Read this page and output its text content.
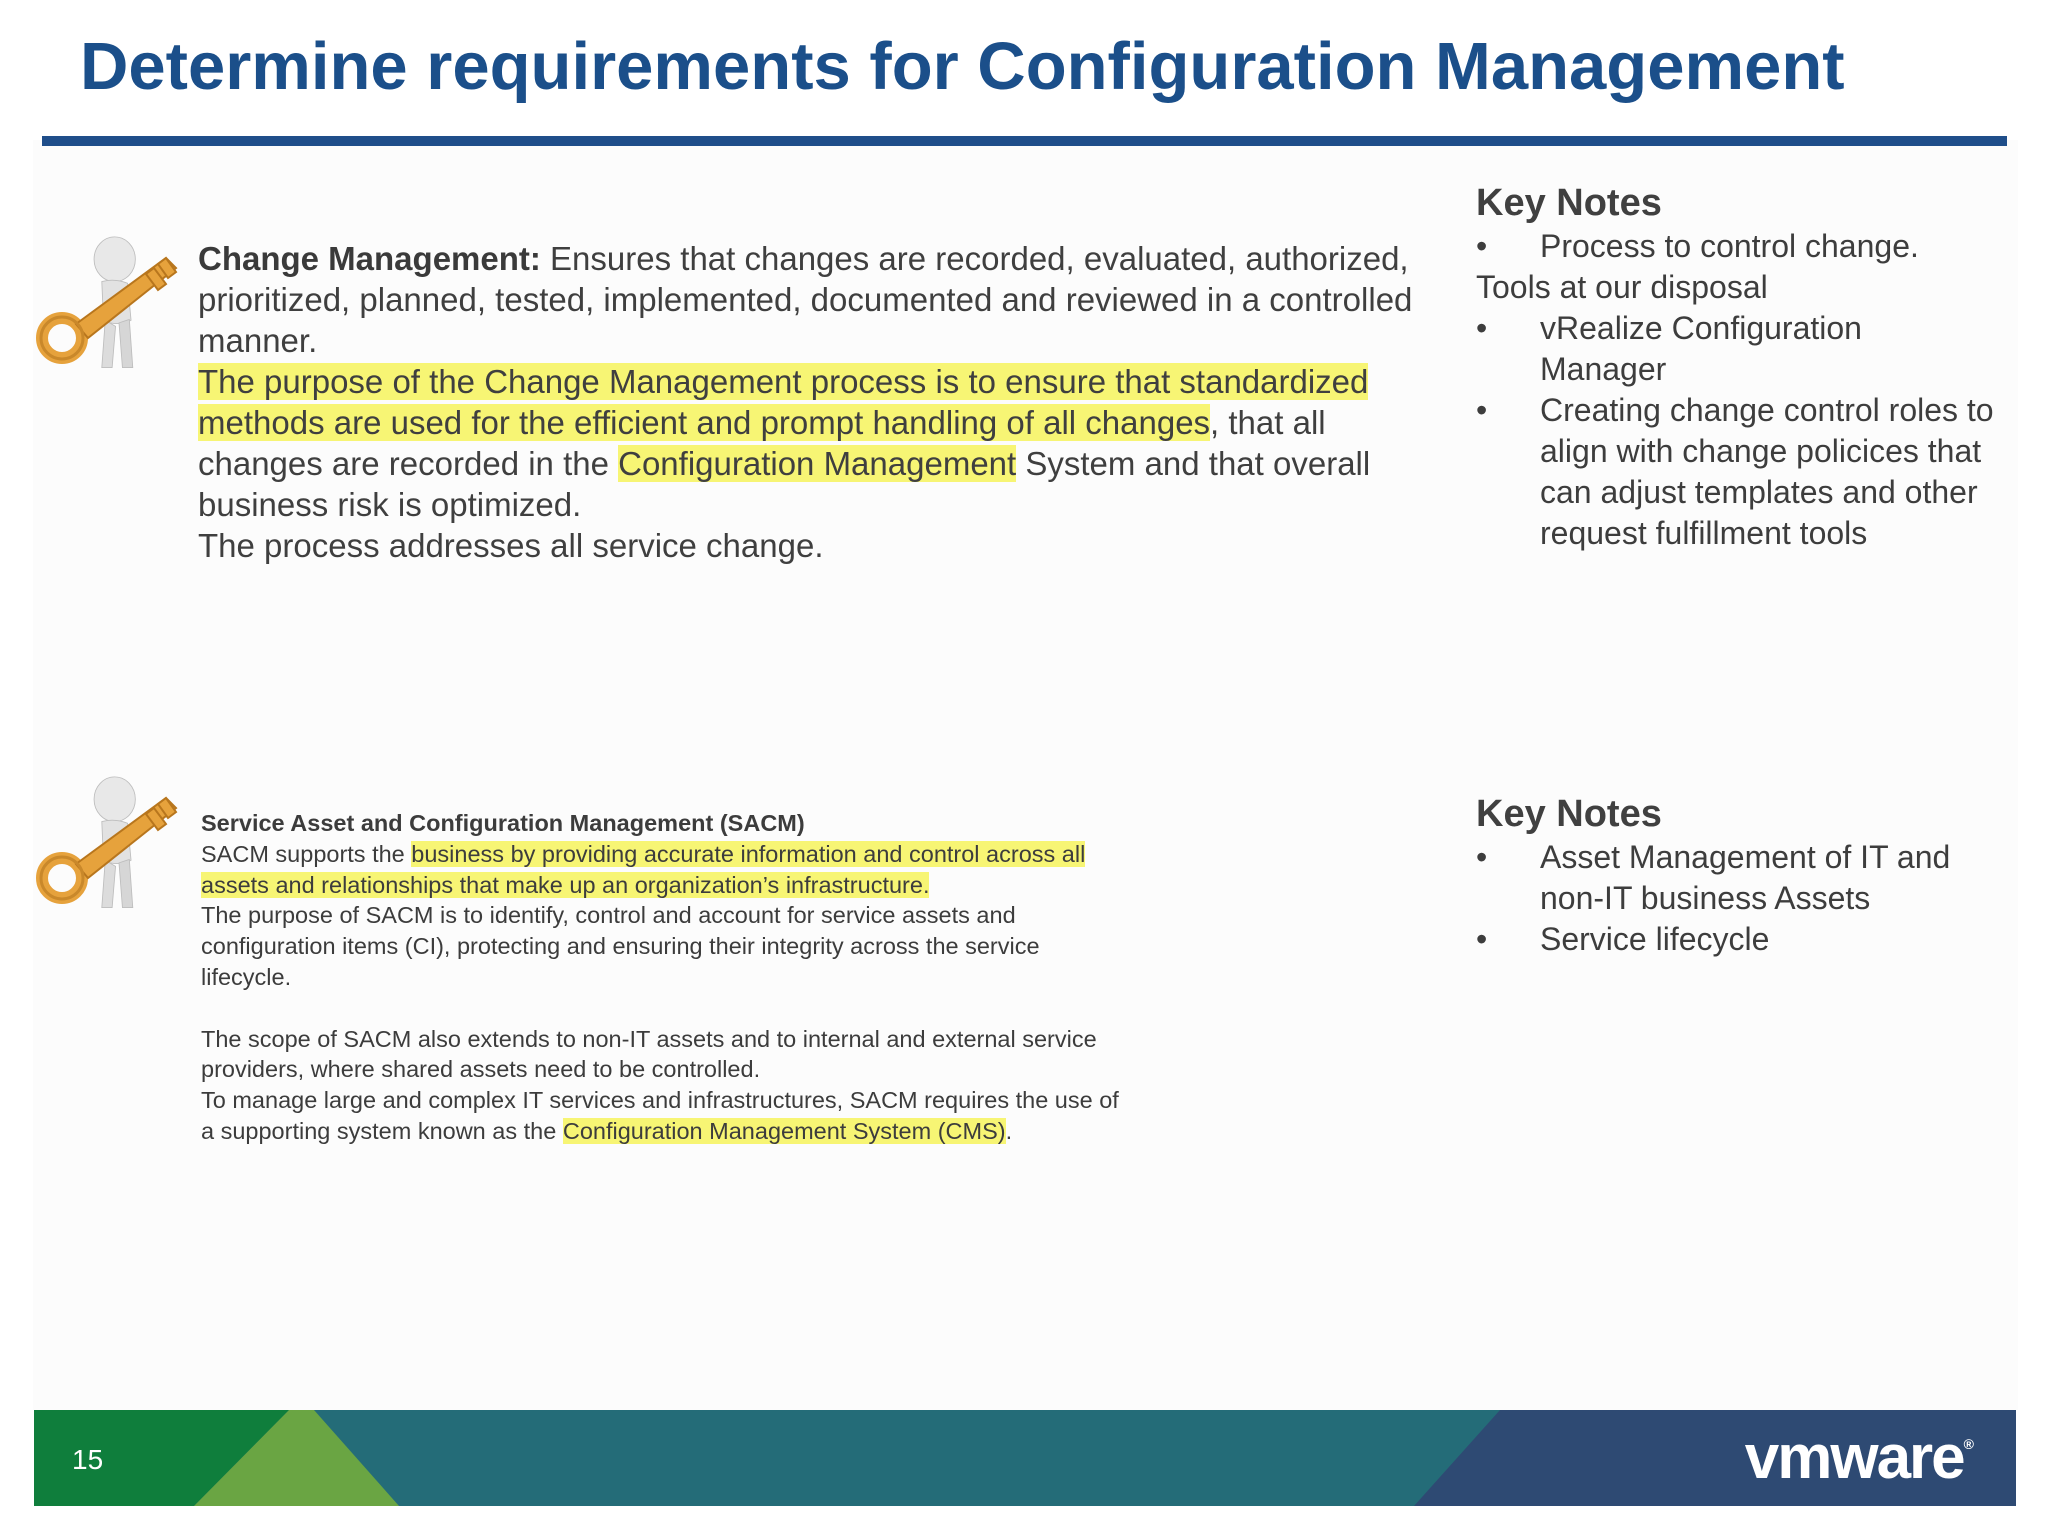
Determine requirements for Configuration Management

Change Management: Ensures that changes are recorded, evaluated, authorized, prioritized, planned, tested, implemented, documented and reviewed in a controlled manner.

The purpose of the Change Management process is to ensure that standardized methods are used for the efficient and prompt handling of all changes, that all changes are recorded in the Configuration Management System and that overall business risk is optimized.

The process addresses all service change.

Service Asset and Configuration Management (SACM)

SACM supports the business by providing accurate information and control across all assets and relationships that make up an organization’s infrastructure.

The purpose of SACM is to identify, control and account for service assets and configuration items (CI), protecting and ensuring their integrity across the service lifecycle.

The scope of SACM also extends to non-IT assets and to internal and external service providers, where shared assets need to be controlled.

To manage large and complex IT services and infrastructures, SACM requires the use of a supporting system known as the Configuration Management System (CMS).

Key Notes
• Process to control change.
Tools at our disposal
• vRealize Configuration Manager
• Creating change control roles to align with change policices that can adjust templates and other request fulfillment tools
Key Notes
• Asset Management of IT and non-IT business Assets
• Service lifecycle
15	vmware®
